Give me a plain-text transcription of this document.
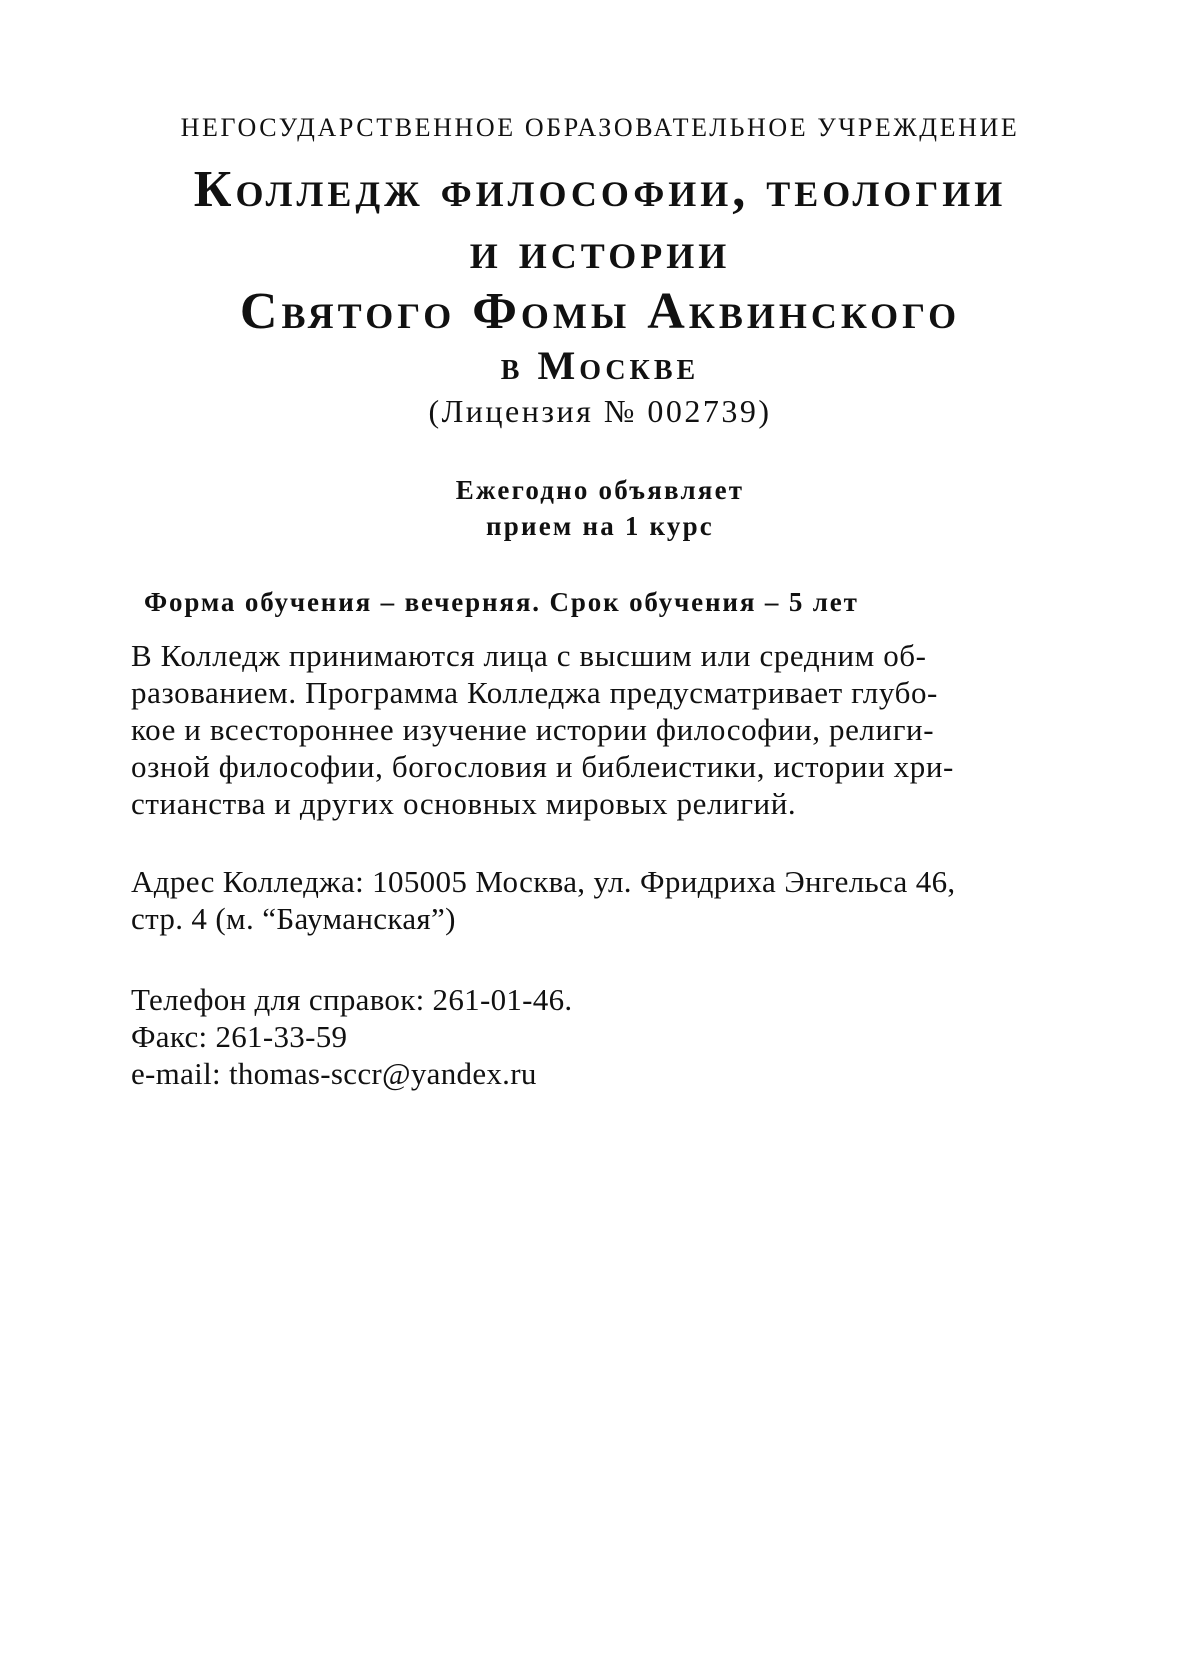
НЕГОСУДАРСТВЕННОЕ ОБРАЗОВАТЕЛЬНОЕ УЧРЕЖДЕНИЕ
Колледж философии, теологии
и истории
Святого Фомы Аквинского
в Москве
(Лицензия № 002739)
Ежегодно объявляет
прием на 1 курс
Форма обучения – вечерняя. Срок обучения – 5 лет
В Колледж принимаются лица с высшим или средним об-
разованием. Программа Колледжа предусматривает глубо-
кое и всестороннее изучение истории философии, религи-
озной философии, богословия и библеистики, истории хри-
стианства и других основных мировых религий.
Адрес Колледжа: 105005 Москва, ул. Фридриха Энгельса 46,
стр. 4 (м. “Бауманская”)
Телефон для справок: 261-01-46.
Факс: 261-33-59
e-mail: thomas-sccr@yandex.ru
